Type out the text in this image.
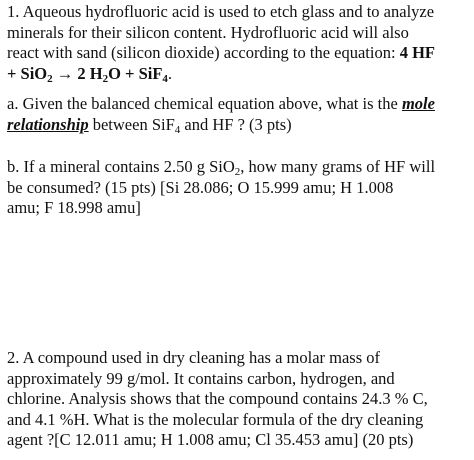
1. Aqueous hydrofluoric acid is used to etch glass and to analyze
minerals for their silicon content. Hydrofluoric acid will also
react with sand (silicon dioxide) according to the equation: 4 HF
+ SiO$_2$ → 2 $H_2O + SiF_4$.
a. Given the balanced chemical equation above, what is the mole
relationship between SiF$_4$ and HF ? (3 pts)
b. If a mineral contains 2.50 g SiO$_2$, how many grams of HF will
be consumed? (15 pts) [Si 28.086; O 15.999 amu; H 1.008
amu; F 18.998 amu]
2. A compound used in dry cleaning has a molar mass of
approximately 99 g/mol. It contains carbon, hydrogen, and
chlorine. Analysis shows that the compound contains 24.3 % C,
and 4.1 %H. What is the molecular formula of the dry cleaning
agent ?[C 12.011 amu; H 1.008 amu; Cl 35.453 amu] (20 pts)
